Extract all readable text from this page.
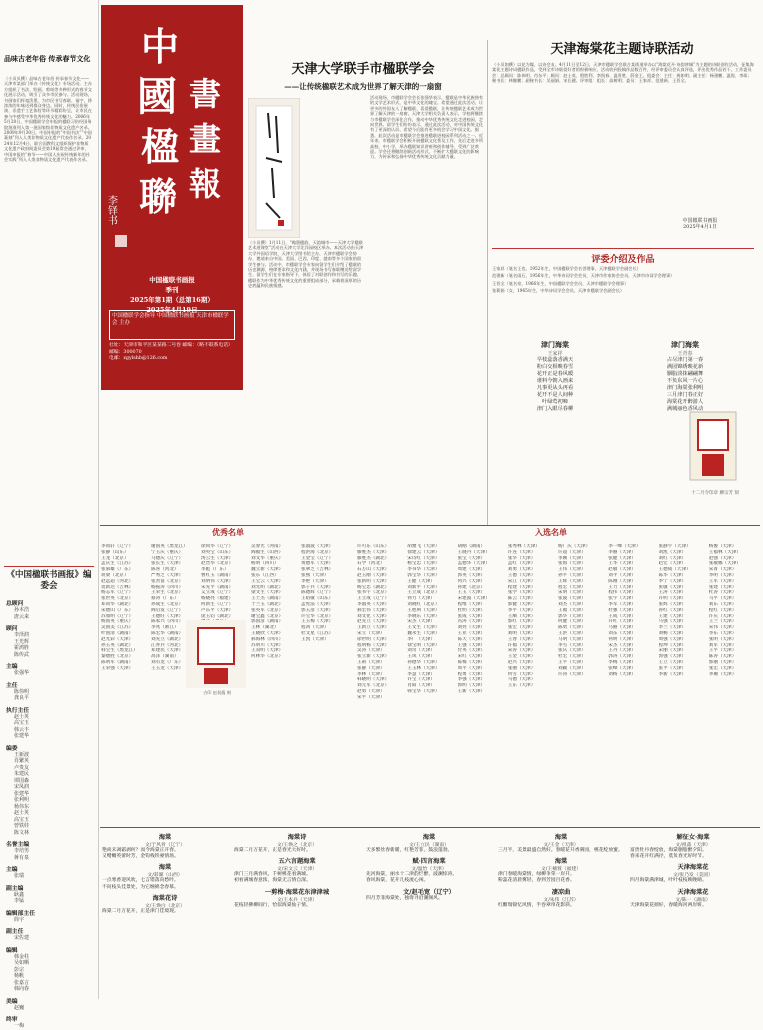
品味古老年俗 传承春节文化
（小贝贝撰）品味古老年俗 传承春节文化——天津市某部门举办《传统文化》专场活动。主办方组织了书法、绘画、剪纸等多种形式的春节文化展示活动，吸引了众多市民参与。活动现场，书画家们挥毫泼墨，为市民书写春联、福字，将浓浓的年味送到群众身边。同时，传统民俗展演、非遗手工艺体验等环节精彩纷呈，让市民在参与中感受中华优秀传统文化的魅力。2006年5月20日，中国楹联学会申报的楹联习俗经国务院批准列入第一批国家级非物质文化遗产名录。2009年9月30日，中国申报的“中国书法”“中国篆刻”列入人类非物质文化遗产代表作名录。2024年12月4日，联合国教科文组织保护非物质文化遗产政府间委员会第19届常会通过评审，中国申报的“春节——中国人庆祝传统新年的社会实践”列入人类非物质文化遗产代表作名录。
《中国楹联书画报》编委会
总顾问
孙本浩
唐云来
顾问
李泽润
王光辉
霍鸿胜
陈传武
主编
张强华
主任
陈伟明
龚良平
执行主任
赵士英
高宝玉
韩云丰
张建华
编委
王新波
肖繁英
卢贵友
朱建民
谭国森
宋凤润
张建华
张利明
杨伟东
赵士英
高宝玉
曾铁娃
陈文林
名誉主编
李培男
蒋有泉
主编
张瑞
副主编
耿鑫
李锰
编辑部主任
简宇
副主任
宋佐建
编辑
韩金柱
吴如晒
彭宗
杨帆
张嘉言
韩向春
美编
赵巍
终审
一梅
中
國
楹
聯
書
畫
報
李铎书
中国楹联书画报
季刊
2025年第1期（总第16期）
2025年4月19日
中国楹联学会指导 中国楹联书画报 天津市楹联学会 主办
社址：天津市和平区某某路二号卷 邮编：（略不联系电话）
邮编：300070
电邮：zgylshb@126.com
天津大学联手市楹联学会
——让传统楹联艺术成为世界了解天津的一扇窗
（小贝撰）1月11日，“翰墨楹韵，天韵城市——天津大学楹联艺术进课堂”活动在天津大学北洋园校区举办。本次活动由天津大学外国语学院、天津大学图书馆主办，天津市楹联学会协办，邀请来自中国、美国、巴西、印度、越南等多个国家的留学生参与。活动中，市楹联学会专家向留学生们介绍了楹联的历史渊源、格律要求和文化内涵，并现场书写春联赠送给留学生。留学生们在专家指导下，体验了对联创作和书写的乐趣。楹联作为中华优秀传统文化的重要组成部分，承载着深厚的历史底蕴和民族情感。
活动现场，市楹联学会会长张强华表示，楹联是中华民族独有的文学艺术形式，是中华文化的瑰宝。希望通过此次活动，让更多的外国友人了解楹联、喜爱楹联，让传统楹联艺术成为世界了解天津的一扇窗。天津大学相关负责人表示，学校将继续与市楹联学会深化合作，推动中华优秀传统文化走进校园、走向世界。留学生们纷纷表示，通过此次活动，对中国传统文化有了更深的认识，希望今后能有更多机会学习中国文化。据悉，此次活动是市楹联学会推进楹联进校园系列活动之一。近年来，市楹联学会积极开展楹联文化普及工作，先后走进多所高校、中小学，举办楹联知识讲座和创作辅导，受到广泛欢迎。学会还将继续创新活动形式，不断扩大楹联文化的影响力，为传承和弘扬中华优秀传统文化贡献力量。
天津海棠花主题诗联活动
（小贝如撰）以花为媒，以诗会友。4月11日至12日，天津市楹联学会联合某街道举办以“海棠花开·诗韵津城”为主题的诗联创作活动，征集海棠花主题诗词楹联作品，受到全市诗联爱好者的积极响应。活动收到投稿作品数百件，经评审委员会认真评选，评出优秀作品若干。工作委员会：总顾问：陈伟明、肖东平；顾问：赵士英、殷胜利、李凯春、温贵胜、薛金王。组委会：主任：龚如明；副主任：杨建鹏、温锐、李琛；秘书长：林继鹏；副秘书长：吴丽娟、宋长健。评审组：组长：高树明；委员：王家祥、范建新、王晋全。
中国楹联书画报
2025年4月1日
评委介绍及作品
王家祥（笔名王也，1952年生，中国楹联学会名誉理事，天津楹联学会副会长）
范建新（笔名雨石，1956年生，中华诗词学会会员，天津市作家协会会员，天津市诗词学会理事）
王晋全（笔名泉，1966年生，中国楹联学会会员，天津市楹联学会理事）
张莉娟（女，1965年生，中华诗词学会会员，天津市楹联学会副会长）
津门海棠
王家祥
早枝蕊落香满天
粉白交相映春雪
花开正是春风暖
谁料今朝入画来
凡事更从头再看
花开不是人间种
叶绿莺初啼
津门入眼尽春柳
津门海棠
王青春
占尽津门第一春
满园锦绣映花新
胭脂淡抹翩翩舞
不负东风一片心
津门海棠张利明
三月津门春正好
海棠花开醉游人
满城丽色香风动
十二月令印章 柳宗芳 刻
优秀名单	入选名单
李同轩（辽宁）
张静（山东）
王龙（北京）
孟庆生（江苏）
张慕雄（广东）
蒋梁（北京）
赵远超（河北）
贺新达（吉林）
杨志军（辽宁）
张世英（北京）
邓同华（湖北）
宋德山（广东）
苏加明（辽宁）
杨国英（重庆）
吴国美（江苏）
叶国清（湖南）
赵光彩（天津）
孙玉英（湖北）
韩宝生（黑龙江）
秦德胜（北京）
陈明军（湖南）
王荣强（天津）
谢国英（黑龙江）
宁玉庆（重庆）
马德庆（辽宁）
张长生（天津）
陈喜（河北）
严秀芝（天津）
张善富（北京）
杨振涛（四川）
王荣生（北京）
蔡涛（广东）
孙成生（北京）
阎启发（辽宁）
王德旺（天津）
陈家兴（四川）
李兆（浙江）
陈宏华（湖南）
刘先立（湖北）
江亦兵（河北）
邓建民（天津）
高泽（湖南）
刘有龙（广东）
王玉龙（天津）
徐同华（辽宁）
刘英宝（山东）
汤云生（天津）
赵晋华（北京）
李彪（广东）
曹红玉（湖南）
刘明伟（天津）
宋先平（湖南）
艾立成（辽宁）
杨晓亮（福建）
何新生（辽宁）
卢东平（天津）
庞玉钧（湖北）
吴春光（河南）
阎福生（山西）
刘文华（重庆）
杨明（四川）
魏立新（天津）
张东（江西）
王宝云（天津）
刘光明（湖北）
梁文生（天津）
王士杰（湖南）
于兰玉（湖北）
张英军（北京）
谢宝鑫（北京）
郭国彦（湖南）
王林（湖北）
王晓欣（天津）
郝海林（四川）
苏明川（天津）
王双明（天津）
何林华（北京）
张淑波（天津）
程洪海（北京）
王金宝（辽宁）
黄德军（天津）
张翠芝（吉林）
张燕（天津）
李艳（天津）
郭子兵（天津）
陈德辉（辽宁）
王绍敏（山东）
孟宪法（天津）
郭玉彦（天津）
许宝华（北京）
王玉梅（天津）
程鸿（天津）
杜文星（江苏）
王凯（天津）
许可东（山东）
滕胜杰（天津）
滕胜杰（湖北）
石学（河北）
石万山（天津）
赵玉刚（天津）
张新明（天津）
杨宝忠（湖北）
张书宇（北京）
王立成（辽宁）
李淑英（天津）
郝宏伟（天津）
刘文化（天津）
赵先立（天津）
王新立（天津）
宋立（天津）
徐世明（天津）
程明杨（天津）
吴涛（天津）
张立新（天津）
王莉（天津）
张静（天津）
李林（天津）
韩晓明（天津）
刘元军（北京）
赵勇（天津）
宋平（天津）
胡雅飞（天津）
徐建云（天津）
宋诗红（天津）
杨宝忠（天津）
李书华（天津）
郭宝华（天津）
王健（天津）
刘新平（天津）
王立成（北京）
何力（天津）
刘晓红（北京）
王胜利（天津）
李晓东（天津）
宋杰（天津）
王文生（天津）
魏永生（天津）
李广（天津）
徐宝明（天津）
刘奇（天津）
王凤（天津）
孙德华（天津）
王玉林（天津）
李慧（天津）
许宝（天津）
肖阳（天津）
韩宝华（天津）
胡刚（湖南）
王晓丹（天津）
张宝（天津）
孟德华（天津）
周建（天津）
郭英（天津）
何兴（天津）
孙建（北京）
王玉（天津）
宋建波（天津）
程维（天津）
杜明（天津）
张成（天津）
冯涛（天津）
刘亮（天津）
王亚（天津）
陈天（天津）
王强（天津）
付英（天津）
宋红（天津）
陈梅（天津）
周平（天津）
程勇（天津）
李强（天津）
郭明（天津）
王新（天津）
张秀林（天津）
许连（天津）
张华（天津）
孟红（天津）
刘勇（天津）
王德（天津）
宋江（天津）
程建（天津）
张学（天津）
陈云（天津）
郭健（天津）
李平（天津）
王顺（天津）
郭红（天津）
张宏（天津）
刘明（天津）
王春（天津）
许福（天津）
宋涛（天津）
王金（天津）
赵兴（天津）
张丽（天津）
何雪（天津）
马德（天津）
王东（天津）
杨广庆（天津）
许超（天津）
李刚（天津）
张海（天津）
王伟（天津）
孙平（天津）
王辉（天津）
程宏（天津）
宋明（天津）
张波（天津）
刘杰（天津）
王福（天津）
郭华（天津）
何健（天津）
陈勇（天津）
王洪（天津）
马明（天津）
李雪（天津）
张庆（天津）
杜宏（天津）
王平（天津）
刘颖（天津）
许涛（天津）
李一峰（天津）
李丽（天津）
张健（天津）
王华（天津）
赵敏（天津）
刘平（天津）
陈刚（天津）
王力（天津）
程伟（天津）
张宇（天津）
李军（天津）
杜强（天津）
王成（天津）
许红（天津）
马丽（天津）
刘东（天津）
何明（天津）
宋杰（天津）
王丹（天津）
郭涛（天津）
李梅（天津）
张峰（天津）
刘杨（天津）
张静宇（天津）
刘凯（天津）
刘红（天津）
赵宏（天津）
王德成（天津）
陈华（天津）
李宁（天津）
张敏（天津）
王涛（天津）
许明（天津）
张辉（天津）
孙红（天津）
王建（天津）
马强（天津）
李兰（天津）
刘畅（天津）
周强（天津）
程坤（天津）
宋丽（天津）
郭强（天津）
王立（天津）
张平（天津）
李新（天津）
杨俊（天津）
王福林（天津）
赵强（天津）
张敏娜（天津）
宋菁（天津）
李明（天津）
王军（天津）
张建（天津）
杜涛（天津）
马平（天津）
刘东（天津）
程红（天津）
许庆（天津）
王兰（天津）
宋伟（天津）
李东（天津）
张明（天津）
刘军（天津）
王平（天津）
陈涛（天津）
郭丽（天津）
张宏（天津）
李珊（天津）
古印 赵叔孺 刻
海棠
文/于风骨（辽宁）
艳尚未凋霜剥何？而今海棠正开春。
又赠嫩英蕾时芳，金钩栈铁豪情场。
海棠
文/彩湖（山西）
一点寒香迎风吹，七言错落向愁吟。
不问枝头佳景处，为它缠绵念春慕。
海棠花诗
文/王焕白（北京）
海棠二月万花开，正是津门佳境现。
海棠诗
文/王焕之（北京）
海棠二月万花开，正是春光大好时。
五六言题海棠
文/宋文云（天津）
津门三月满春风，千树桃花看满城。
初看满城春意浓，海棠无言情自深。
一剪梅·海棠花东津津城
文/王本兵（天津）
花枝轻拂柳间行，恰似海棠仙子情。
海棠
文/王立民（湖南）
天多繁丝春新暖，红艳芳菲，鼓浪蓬勃。
赋·四言海棠
文/温怡（天津）
先河海棠，丽水十二津韵烂醉，波澜惊涛。
春风海棠，花开几枝流心闲。
文/赵毛宽（辽宁）
四月芳菲海棠处，独倚寻沿潮阁风。
海棠
文/王金（天津）
三月半，美景最盛自然好。春暖花开香满园，桃花绽放蜜。
海棠
文/王楠蓉（福建）
津门春暖海棠情，绿柳争荣一岸开。
粉蕊花清晨雾轻，春到芳园百花香。
凄凉曲
文/朱伟（江苏）
红酣瑞锦忆风情，半卷翠帘花影斜。
解征女·海棠
文/祖淼（天津）
富贵牡丹春绽放，海棠胭脂醉夕阳。
春来花开红满径，莫负春光好时节。
天津海棠花
文/张乃发（美国）
四月海棠满津城，叶叶枝枝映晚晴。
天津海棠花
文/陈一（湖南）
天津海棠花颜好，春暖海河两岸妍。
